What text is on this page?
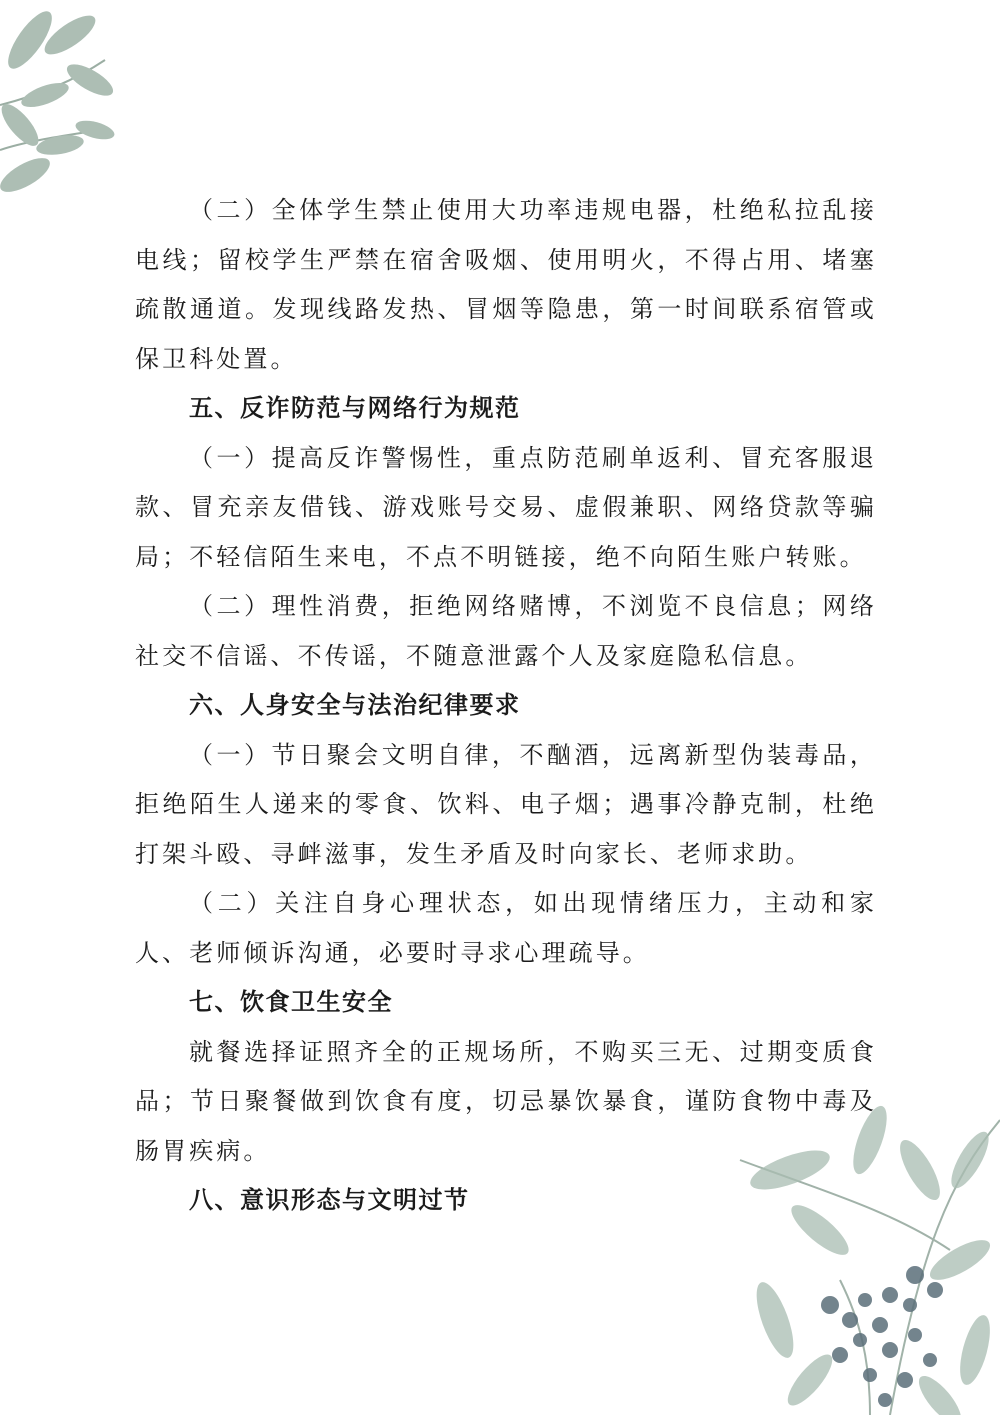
（二）全体学生禁止使用大功率违规电器，杜绝私拉乱接电线；留校学生严禁在宿舍吸烟、使用明火，不得占用、堵塞疏散通道。发现线路发热、冒烟等隐患，第一时间联系宿管或保卫科处置。

五、反诈防范与网络行为规范

（一）提高反诈警惕性，重点防范刷单返利、冒充客服退款、冒充亲友借钱、游戏账号交易、虚假兼职、网络贷款等骗局；不轻信陌生来电，不点不明链接，绝不向陌生账户转账。

（二）理性消费，拒绝网络赌博，不浏览不良信息；网络社交不信谣、不传谣，不随意泄露个人及家庭隐私信息。

六、人身安全与法治纪律要求

（一）节日聚会文明自律，不酗酒，远离新型伪装毒品，拒绝陌生人递来的零食、饮料、电子烟；遇事冷静克制，杜绝打架斗殴、寻衅滋事，发生矛盾及时向家长、老师求助。

（二）关注自身心理状态，如出现情绪压力，主动和家人、老师倾诉沟通，必要时寻求心理疏导。

七、饮食卫生安全

就餐选择证照齐全的正规场所，不购买三无、过期变质食品；节日聚餐做到饮食有度，切忌暴饮暴食，谨防食物中毒及肠胃疾病。

八、意识形态与文明过节
